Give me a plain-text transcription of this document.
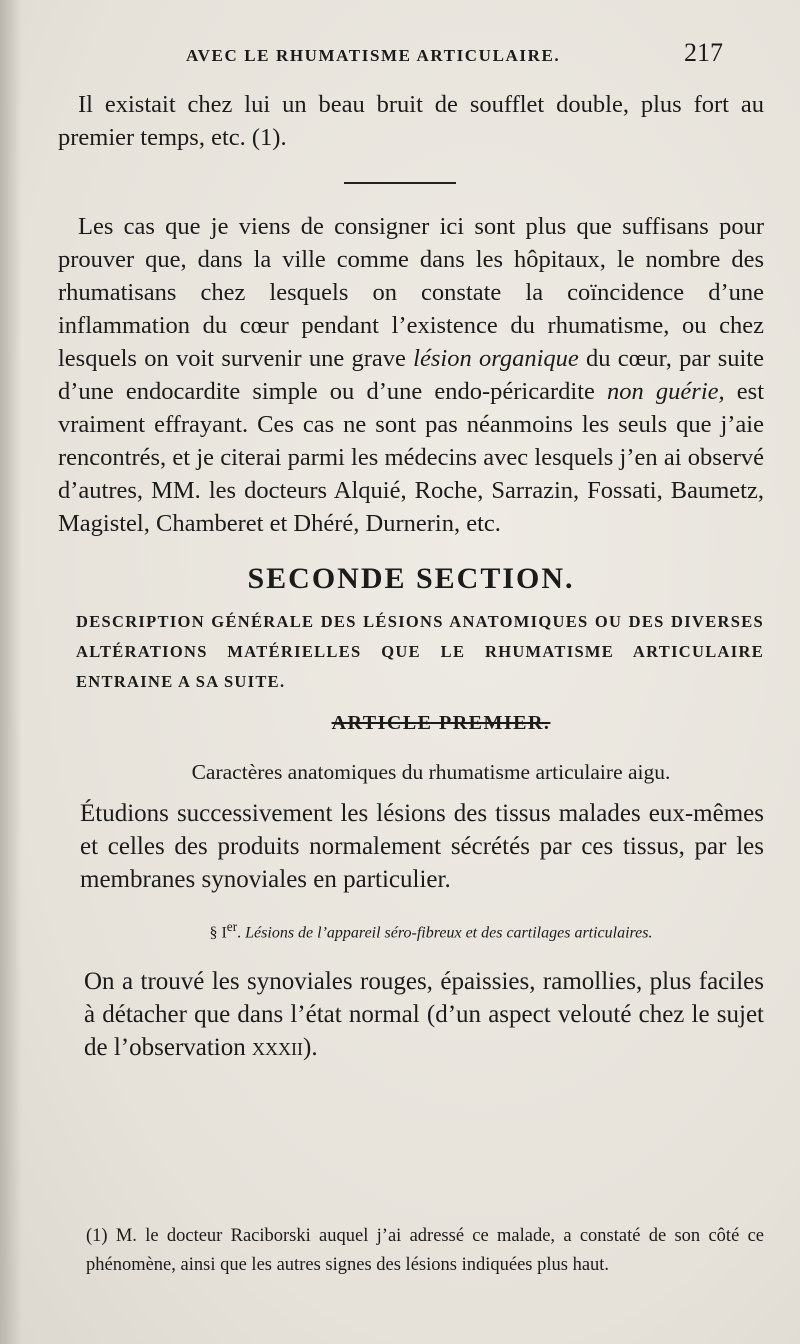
AVEC LE RHUMATISME ARTICULAIRE.	217

Il existait chez lui un beau bruit de soufflet double, plus fort au premier temps, etc. (1).

Les cas que je viens de consigner ici sont plus que suffisans pour prouver que, dans la ville comme dans les hôpitaux, le nombre des rhumatisans chez lesquels on constate la coïncidence d’une inflammation du cœur pendant l’existence du rhumatisme, ou chez lesquels on voit survenir une grave lésion organique du cœur, par suite d’une endocardite simple ou d’une endo-péricardite non guérie, est vraiment effrayant. Ces cas ne sont pas néanmoins les seuls que j’aie rencontrés, et je citerai parmi les médecins avec lesquels j’en ai observé d’autres, MM. les docteurs Alquié, Roche, Sarrazin, Fossati, Baumetz, Magistel, Chamberet et Dhéré, Durnerin, etc.

SECONDE SECTION.
DESCRIPTION GÉNÉRALE DES LÉSIONS ANATOMIQUES OU DES DIVERSES ALTÉRATIONS MATÉRIELLES QUE LE RHUMATISME ARTICULAIRE ENTRAINE A SA SUITE.
ARTICLE PREMIER.
Caractères anatomiques du rhumatisme articulaire aigu.

Étudions successivement les lésions des tissus malades eux-mêmes et celles des produits normalement sécrétés par ces tissus, par les membranes synoviales en particulier.

§ Ier. Lésions de l’appareil séro-fibreux et des cartilages articulaires.

On a trouvé les synoviales rouges, épaissies, ramollies, plus faciles à détacher que dans l’état normal (d’un aspect velouté chez le sujet de l’observation xxxii).

(1) M. le docteur Raciborski auquel j’ai adressé ce malade, a constaté de son côté ce phénomène, ainsi que les autres signes des lésions indiquées plus haut.
